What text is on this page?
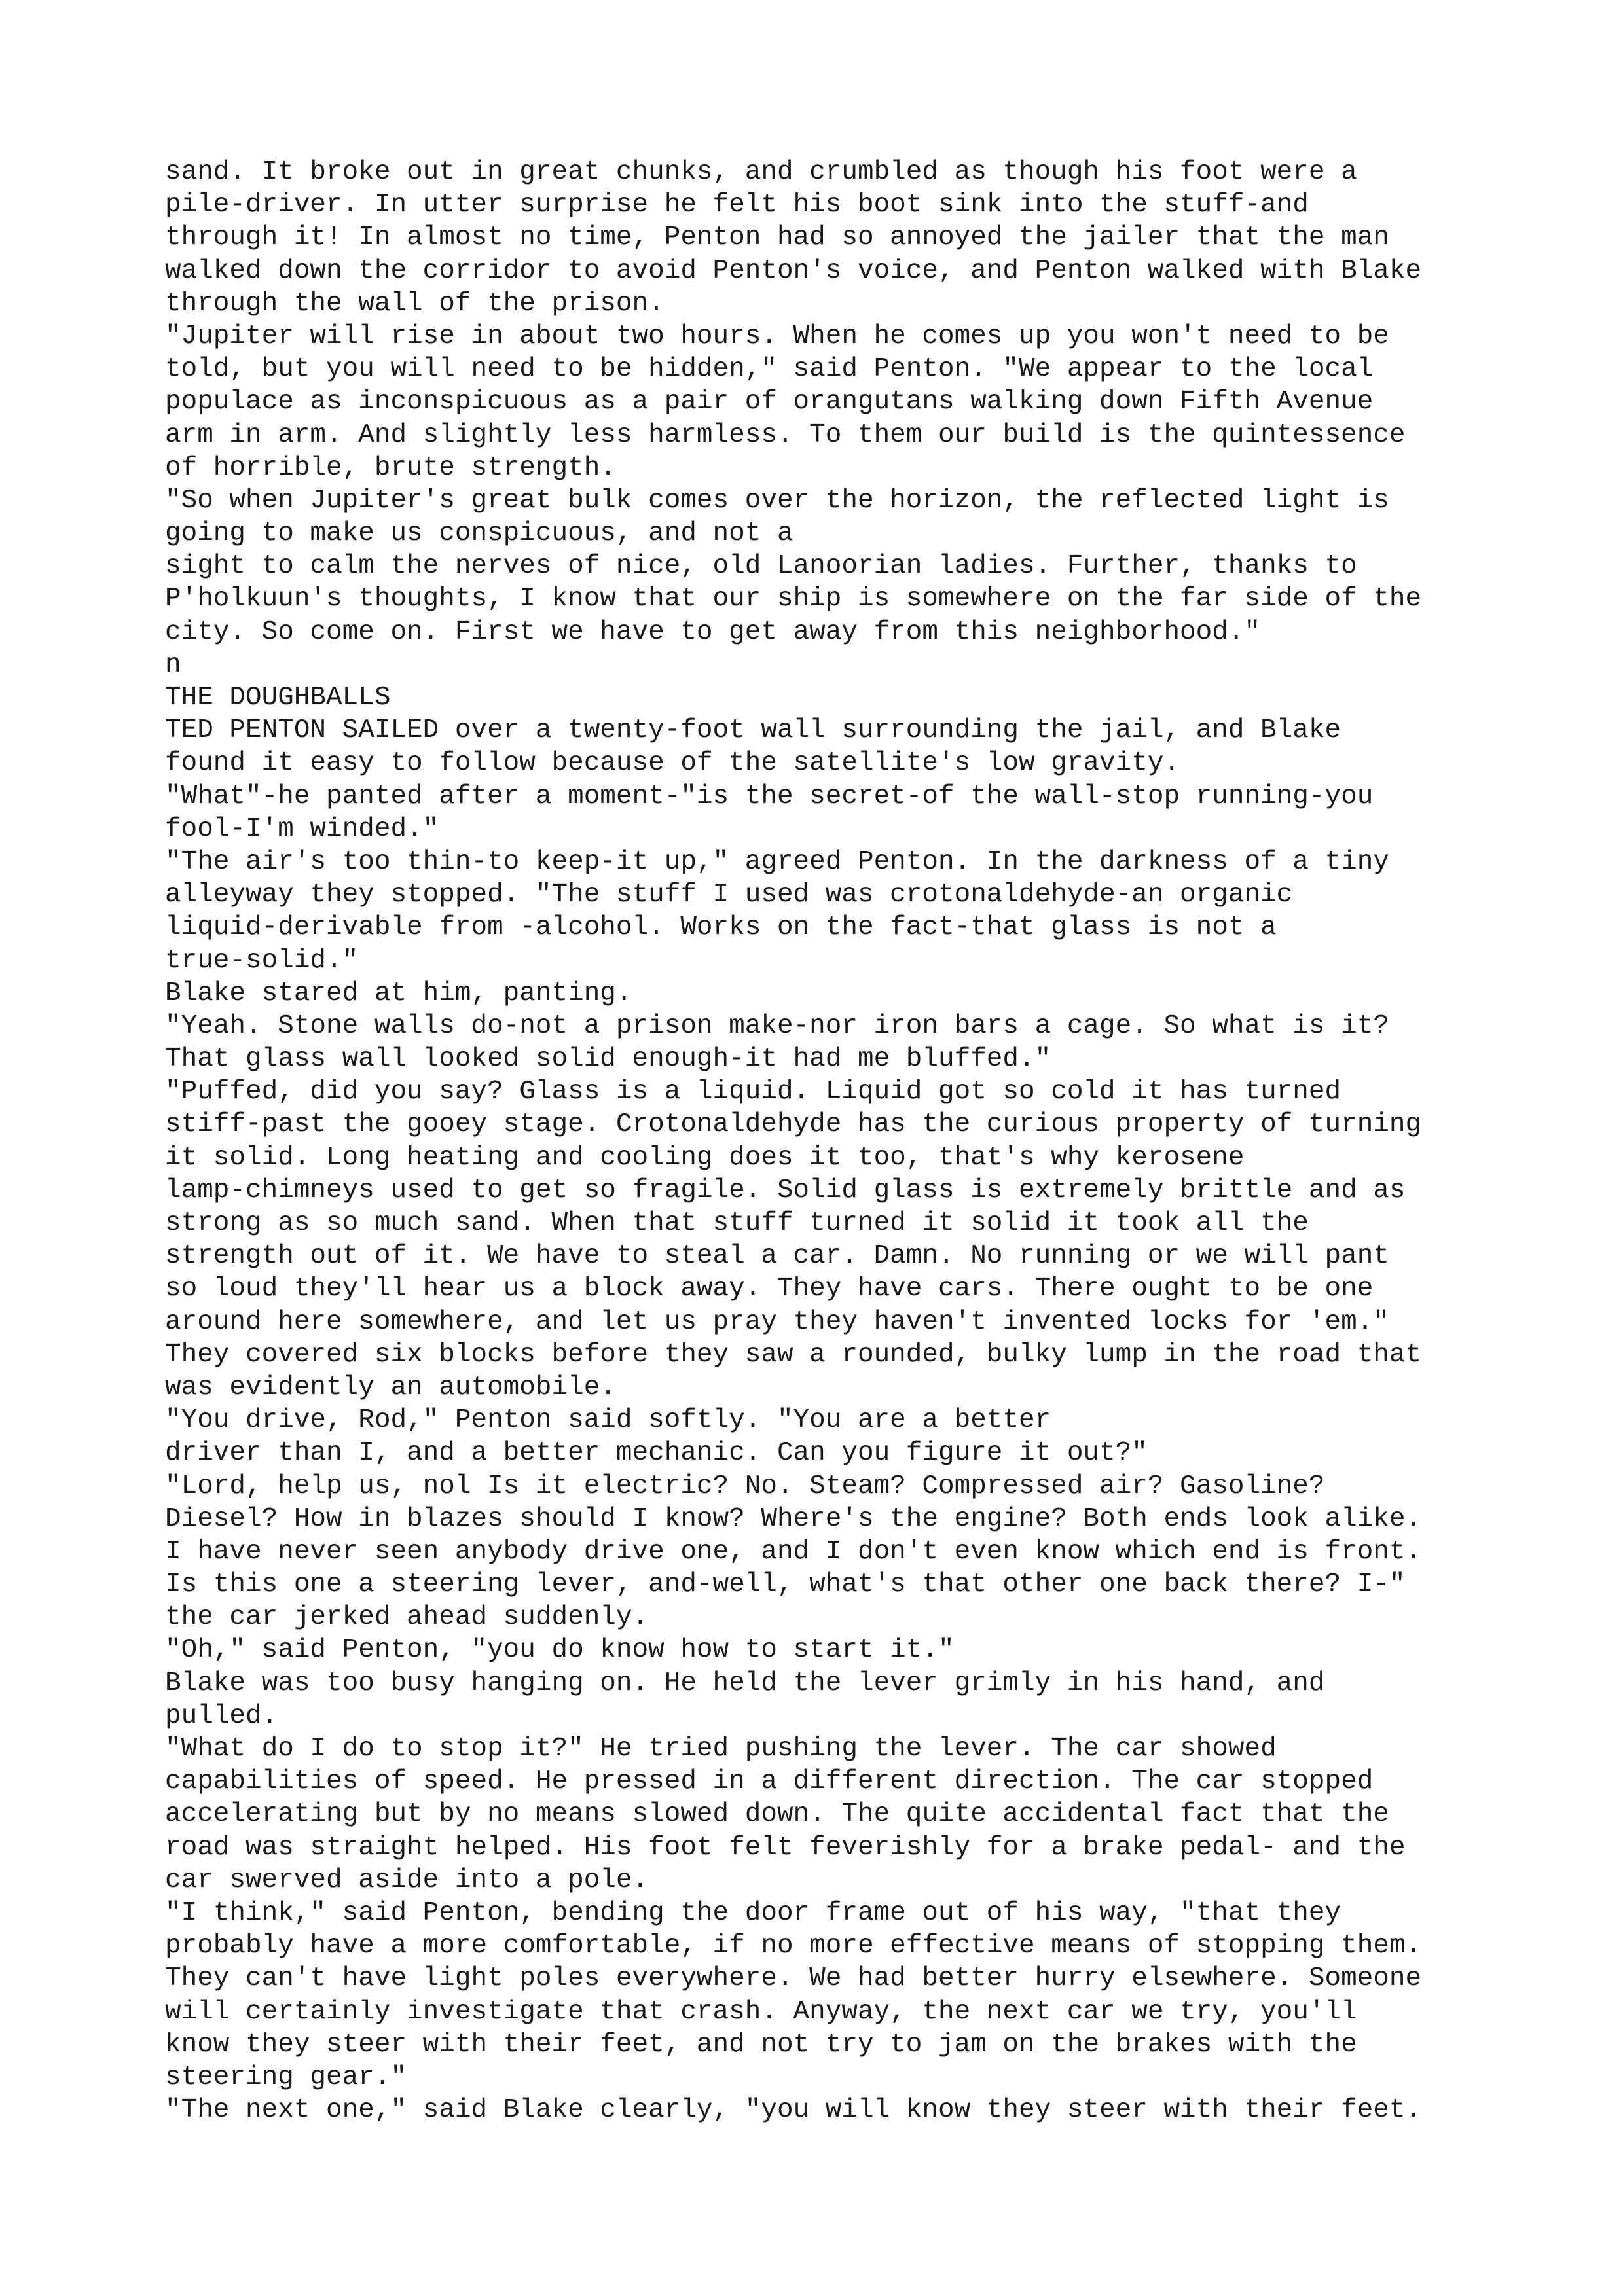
sand. It broke out in great chunks, and crumbled as though his foot were a
pile-driver. In utter surprise he felt his boot sink into the stuff-and
through it! In almost no time, Penton had so annoyed the jailer that the man
walked down the corridor to avoid Penton's voice, and Penton walked with Blake
through the wall of the prison.
"Jupiter will rise in about two hours. When he comes up you won't need to be
told, but you will need to be hidden," said Penton. "We appear to the local
populace as inconspicuous as a pair of orangutans walking down Fifth Avenue
arm in arm. And slightly less harmless. To them our build is the quintessence
of horrible, brute strength.
"So when Jupiter's great bulk comes over the horizon, the reflected light is
going to make us conspicuous, and not a
sight to calm the nerves of nice, old Lanoorian ladies. Further, thanks to
P'holkuun's thoughts, I know that our ship is somewhere on the far side of the
city. So come on. First we have to get away from this neighborhood."
n
THE DOUGHBALLS
TED PENTON SAILED over a twenty-foot wall surrounding the jail, and Blake
found it easy to follow because of the satellite's low gravity.
"What"-he panted after a moment-"is the secret-of the wall-stop running-you
fool-I'm winded."
"The air's too thin-to keep-it up," agreed Penton. In the darkness of a tiny
alleyway they stopped. "The stuff I used was crotonaldehyde-an organic
liquid-derivable from -alcohol. Works on the fact-that glass is not a
true-solid."
Blake stared at him, panting.
"Yeah. Stone walls do-not a prison make-nor iron bars a cage. So what is it?
That glass wall looked solid enough-it had me bluffed."
"Puffed, did you say? Glass is a liquid. Liquid got so cold it has turned
stiff-past the gooey stage. Crotonaldehyde has the curious property of turning
it solid. Long heating and cooling does it too, that's why kerosene
lamp-chimneys used to get so fragile. Solid glass is extremely brittle and as
strong as so much sand. When that stuff turned it solid it took all the
strength out of it. We have to steal a car. Damn. No running or we will pant
so loud they'll hear us a block away. They have cars. There ought to be one
around here somewhere, and let us pray they haven't invented locks for 'em."
They covered six blocks before they saw a rounded, bulky lump in the road that
was evidently an automobile.
"You drive, Rod," Penton said softly. "You are a better
driver than I, and a better mechanic. Can you figure it out?"
"Lord, help us, nol Is it electric? No. Steam? Compressed air? Gasoline?
Diesel? How in blazes should I know? Where's the engine? Both ends look alike.
I have never seen anybody drive one, and I don't even know which end is front.
Is this one a steering lever, and-well, what's that other one back there? I-"
the car jerked ahead suddenly.
"Oh," said Penton, "you do know how to start it."
Blake was too busy hanging on. He held the lever grimly in his hand, and
pulled.
"What do I do to stop it?" He tried pushing the lever. The car showed
capabilities of speed. He pressed in a different direction. The car stopped
accelerating but by no means slowed down. The quite accidental fact that the
road was straight helped. His foot felt feverishly for a brake pedal- and the
car swerved aside into a pole.
"I think," said Penton, bending the door frame out of his way, "that they
probably have a more comfortable, if no more effective means of stopping them.
They can't have light poles everywhere. We had better hurry elsewhere. Someone
will certainly investigate that crash. Anyway, the next car we try, you'll
know they steer with their feet, and not try to jam on the brakes with the
steering gear."
"The next one," said Blake clearly, "you will know they steer with their feet.
